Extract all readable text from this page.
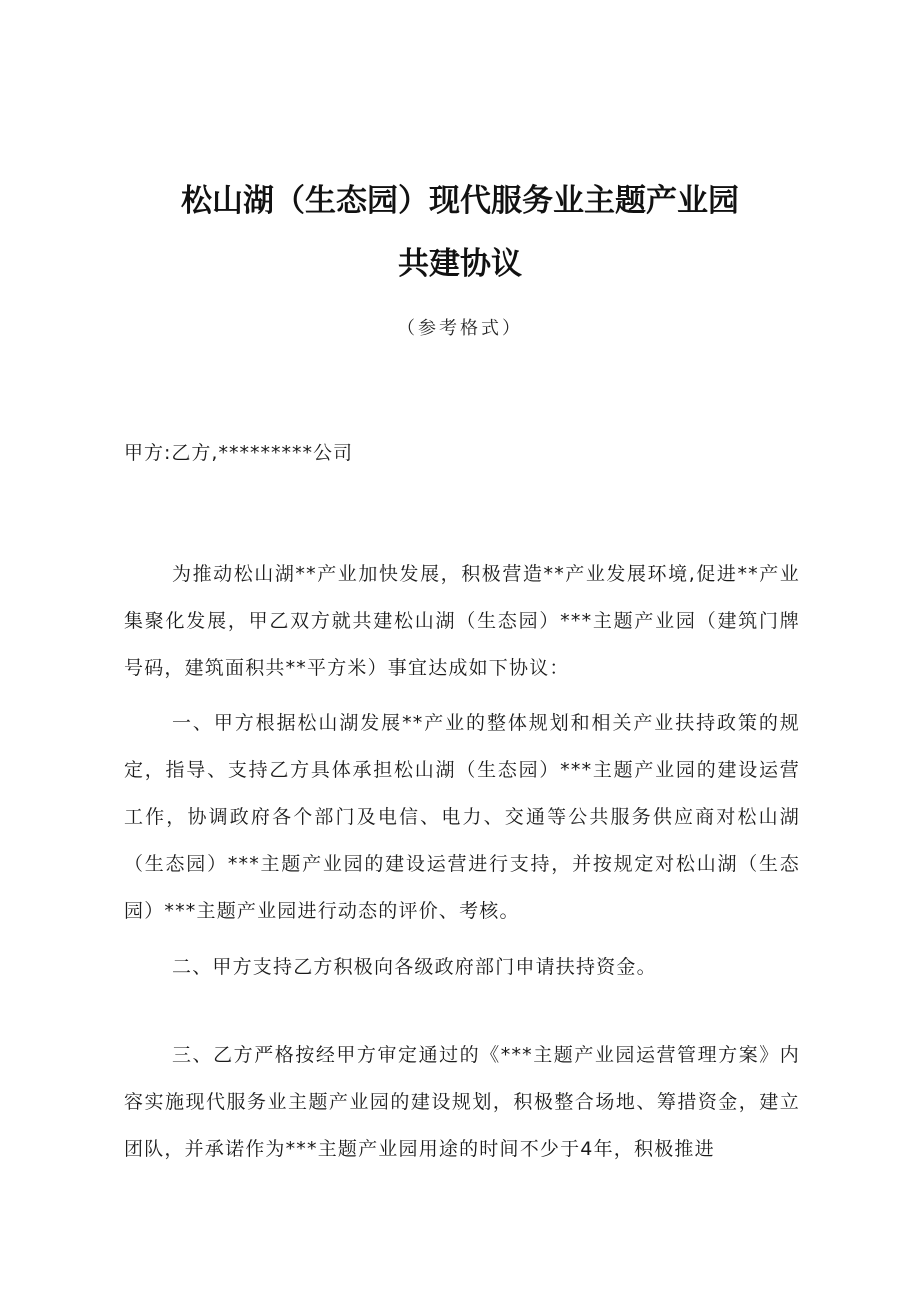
松山湖（生态园）现代服务业主题产业园
共建协议
（参考格式）
甲方:乙方,*********公司
为推动松山湖**产业加快发展，积极营造**产业发展环境,促进**产业集聚化发展，甲乙双方就共建松山湖（生态园）***主题产业园（建筑门牌号码，建筑面积共**平方米）事宜达成如下协议：
一、甲方根据松山湖发展**产业的整体规划和相关产业扶持政策的规定，指导、支持乙方具体承担松山湖（生态园）***主题产业园的建设运营工作，协调政府各个部门及电信、电力、交通等公共服务供应商对松山湖（生态园）***主题产业园的建设运营进行支持，并按规定对松山湖（生态园）***主题产业园进行动态的评价、考核。
二、甲方支持乙方积极向各级政府部门申请扶持资金。
三、乙方严格按经甲方审定通过的《***主题产业园运营管理方案》内容实施现代服务业主题产业园的建设规划，积极整合场地、筹措资金，建立团队，并承诺作为***主题产业园用途的时间不少于4年，积极推进
